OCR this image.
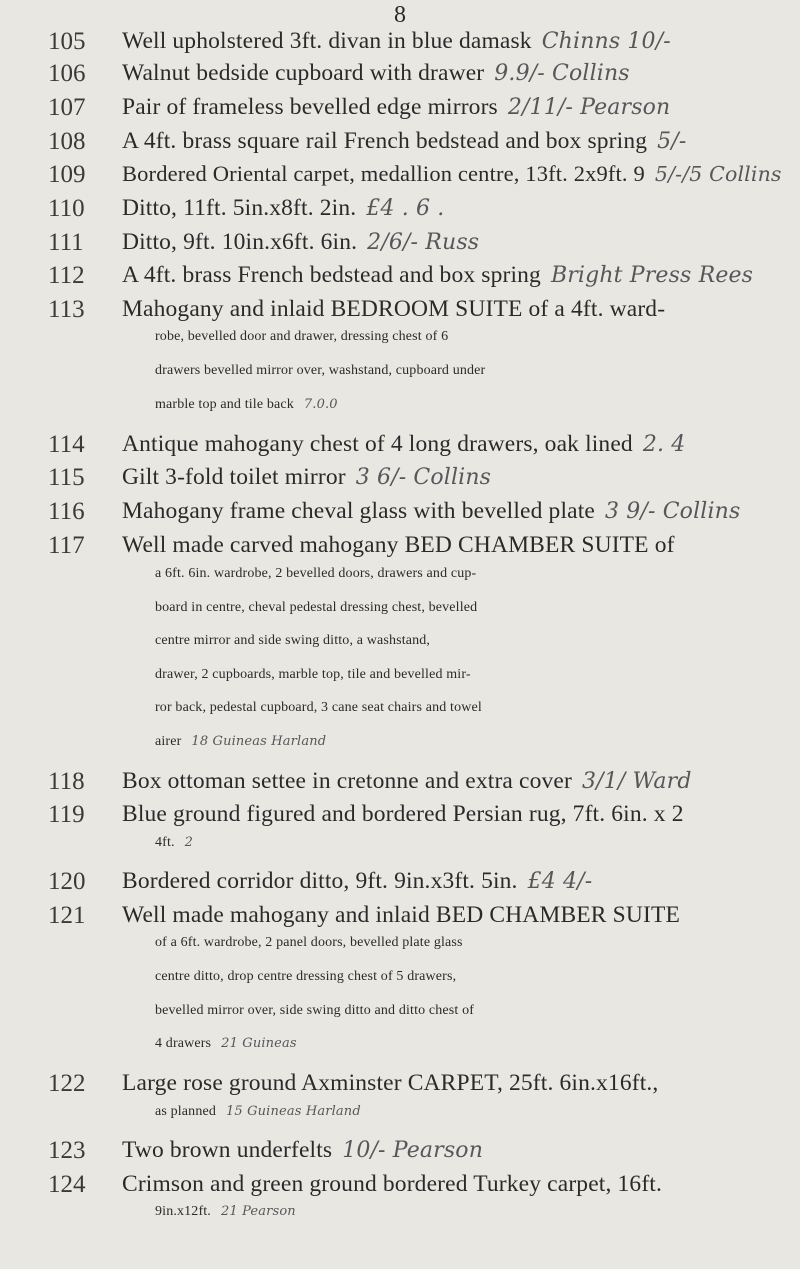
8
105	Well upholstered 3ft. divan in blue damask Chinns 10/-
106	Walnut bedside cupboard with drawer 9.9/- Collins
107	Pair of frameless bevelled edge mirrors 2/11/- Pearson
108	A 4ft. brass square rail French bedstead and box spring 5/-
109	Bordered Oriental carpet, medallion centre, 13ft. 2x9ft. 9 5/-/5 Collins
110	Ditto, 11ft. 5in.x8ft. 2in. £4 . 6 .
111	Ditto, 9ft. 10in.x6ft. 6in. 2/6/- Russ
112	A 4ft. brass French bedstead and box spring Bright Press Rees
113	Mahogany and inlaid BEDROOM SUITE of a 4ft. ward-
robe, bevelled door and drawer, dressing chest of 6
drawers bevelled mirror over, washstand, cupboard under
marble top and tile back 7.0.0
114	Antique mahogany chest of 4 long drawers, oak lined 2. 4
115	Gilt 3-fold toilet mirror 3 6/- Collins
116	Mahogany frame cheval glass with bevelled plate 3 9/- Collins
117	Well made carved mahogany BED CHAMBER SUITE of
a 6ft. 6in. wardrobe, 2 bevelled doors, drawers and cup-
board in centre, cheval pedestal dressing chest, bevelled
centre mirror and side swing ditto, a washstand,
drawer, 2 cupboards, marble top, tile and bevelled mir-
ror back, pedestal cupboard, 3 cane seat chairs and towel
airer 18 Guineas Harland
118	Box ottoman settee in cretonne and extra cover 3/1/ Ward
119	Blue ground figured and bordered Persian rug, 7ft. 6in. x 2
4ft. 2
120	Bordered corridor ditto, 9ft. 9in.x3ft. 5in. £4 4/-
121	Well made mahogany and inlaid BED CHAMBER SUITE
of a 6ft. wardrobe, 2 panel doors, bevelled plate glass
centre ditto, drop centre dressing chest of 5 drawers,
bevelled mirror over, side swing ditto and ditto chest of
4 drawers 21 Guineas
122	Large rose ground Axminster CARPET, 25ft. 6in.x16ft.,
as planned 15 Guineas Harland
123	Two brown underfelts 10/- Pearson
124	Crimson and green ground bordered Turkey carpet, 16ft.
9in.x12ft. 21 Pearson
